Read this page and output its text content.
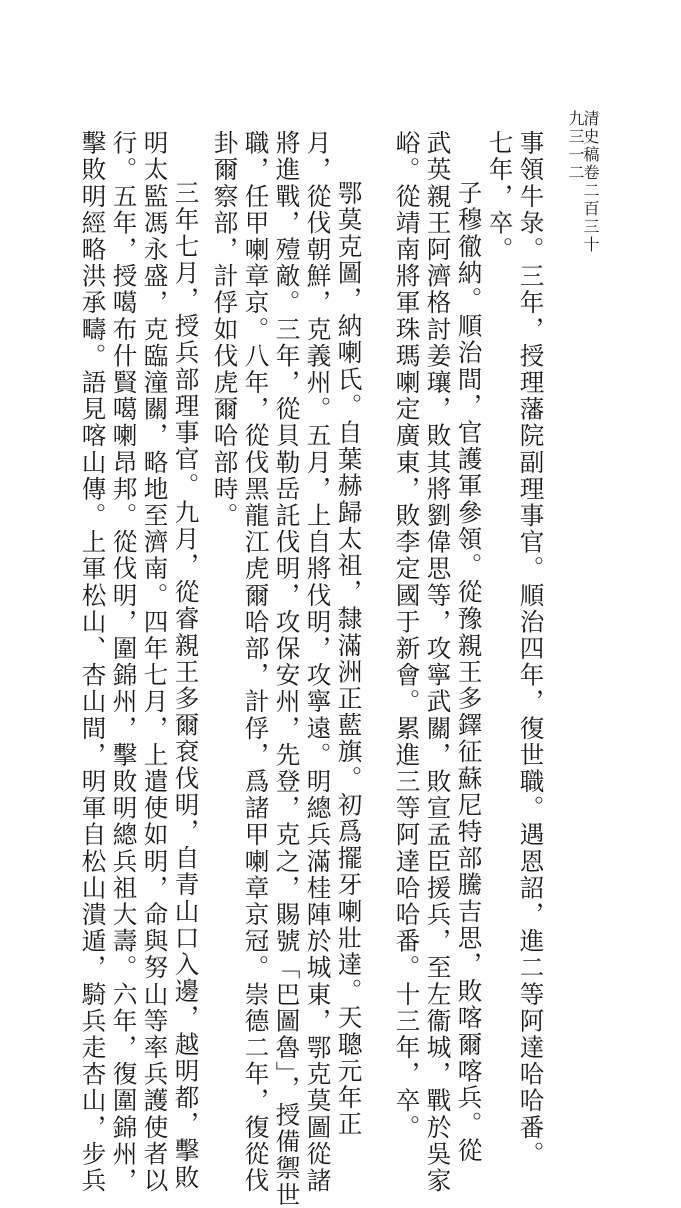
清史稿卷二百三十
九三一二
事領牛彔。三年，授理藩院副理事官。順治四年，復世職。遇恩詔，進二等阿達哈哈番。
七年，卒。
子穆徹納。順治間，官護軍參領。從豫親王多鐸征蘇尼特部騰吉思，敗喀爾喀兵。從
武英親王阿濟格討姜瓖，敗其將劉偉思等，攻寧武關，敗宣孟臣援兵，至左衞城，戰於吳家
峪。從靖南將軍珠瑪喇定廣東，敗李定國于新會。累進三等阿達哈哈番。十三年，卒。
鄂莫克圖，納喇氏。自葉赫歸太祖，隸滿洲正藍旗。初爲擺牙喇壯達。天聰元年正
月，從伐朝鮮，克義州。五月，上自將伐明，攻寧遠。明總兵滿桂陣於城東，鄂克莫圖從諸
將進戰，殪敵。三年，從貝勒岳託伐明，攻保安州，先登，克之，賜號「巴圖魯」，授備禦世
職，任甲喇章京。八年，從伐黑龍江虎爾哈部，計俘，爲諸甲喇章京冠。崇德二年，復從伐
卦爾察部，計俘如伐虎爾哈部時。
三年七月，授兵部理事官。九月，從睿親王多爾袞伐明，自青山口入邊，越明都，擊敗
明太監馮永盛，克臨潼關，略地至濟南。四年七月，上遣使如明，命與努山等率兵護使者以
行。五年，授噶布什賢噶喇昂邦。從伐明，圍錦州，擊敗明總兵祖大壽。六年，復圍錦州，
擊敗明經略洪承疇。語見喀山傳。上軍松山、杏山間，明軍自松山潰遁，騎兵走杏山，步兵
